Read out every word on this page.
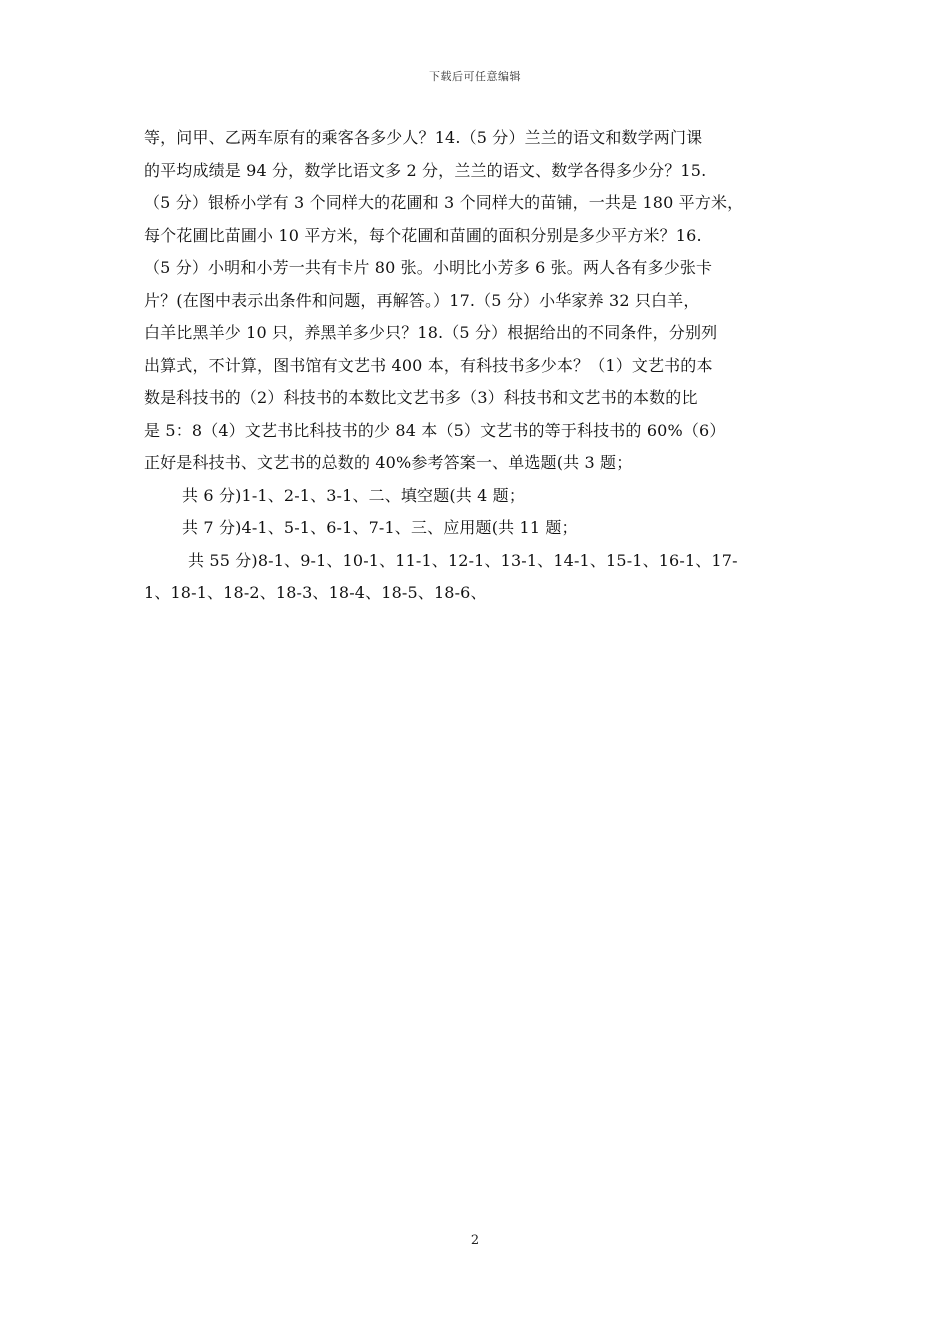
下载后可任意编辑
等，问甲、乙两车原有的乘客各多少人？14.（5 分）兰兰的语文和数学两门课
的平均成绩是 94 分，数学比语文多 2 分，兰兰的语文、数学各得多少分？15.
（5 分）银桥小学有 3 个同样大的花圃和 3 个同样大的苗铺，一共是 180 平方米，
每个花圃比苗圃小 10 平方米，每个花圃和苗圃的面积分别是多少平方米？16.
（5 分）小明和小芳一共有卡片 80 张。小明比小芳多 6 张。两人各有多少张卡
片？(在图中表示出条件和问题，再解答。）17.（5 分）小华家养 32 只白羊，
白羊比黑羊少 10 只，养黑羊多少只？18.（5 分）根据给出的不同条件，分别列
出算式，不计算，图书馆有文艺书 400 本，有科技书多少本？（1）文艺书的本
数是科技书的（2）科技书的本数比文艺书多（3）科技书和文艺书的本数的比
是 5：8（4）文艺书比科技书的少 84 本（5）文艺书的等于科技书的 60%（6）
正好是科技书、文艺书的总数的 40%参考答案一、单选题(共 3 题；
共 6 分)1-1、2-1、3-1、二、填空题(共 4 题；
共 7 分)4-1、5-1、6-1、7-1、三、应用题(共 11 题；
共 55 分)8-1、9-1、10-1、11-1、12-1、13-1、14-1、15-1、16-1、17-
1、18-1、18-2、18-3、18-4、18-5、18-6、
2
